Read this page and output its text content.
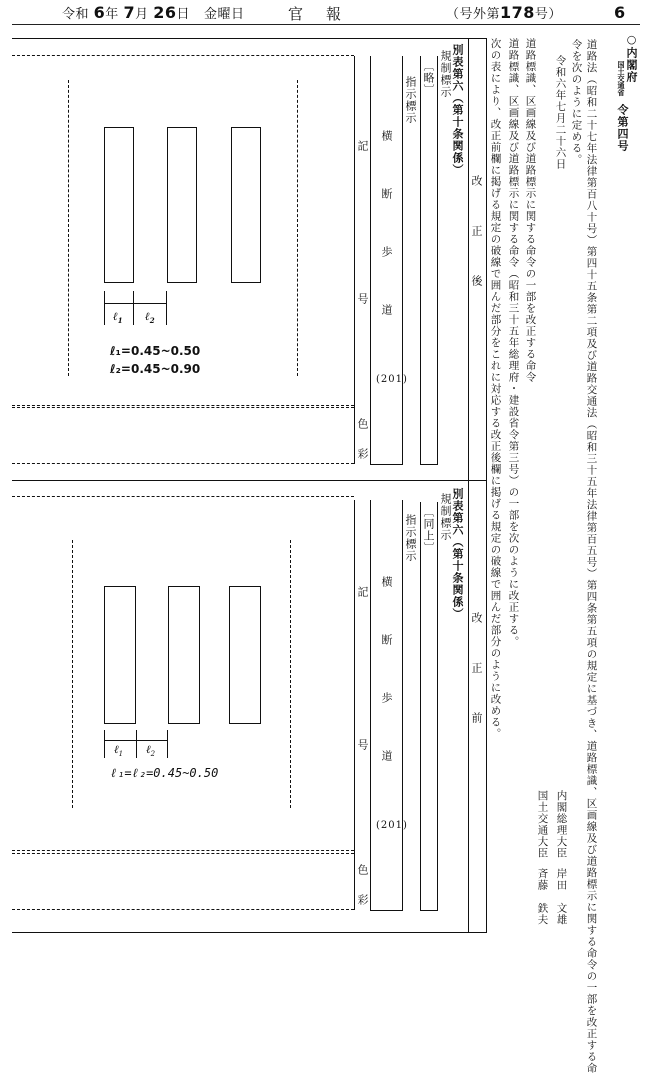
令和 6年 7月 26日 金曜日	官　報	（号外第178号）	6
○内閣府
国土交通省
令第四号
道路法（昭和二十七年法律第百八十号）第四十五条第二項及び道路交通法（昭和三十五年法律第百五号）第四条第五項の規定に基づき、道路標識、区画線及び道路標示に関する命令の一部を改正する命
令を次のように定める。
令和六年七月二十六日
内閣総理大臣
岸田　文雄
国土交通大臣
斉藤　鉄夫
道路標識、区画線及び道路標示に関する命令の一部を改正する命令
道路標識、区画線及び道路標示に関する命令（昭和三十五年総理府・建設省令第三号）の一部を次のように改正する。
次の表により、改正前欄に掲げる規定の破線で囲んだ部分をこれに対応する改正後欄に掲げる規定の破線で囲んだ部分のように改める。
改　正　後
改　正　前
別表第六（第十条関係）
規制標示
〔略〕
指示標示
横　断　歩　道
(201)
記　　号
色　彩
ℓ$_1$ ℓ$_2$
ℓ₁=0.45~0.50
ℓ₂=0.45~0.90
別表第六（第十条関係）
規制標示
〔同上〕
指示標示
横　断　歩　道
(201)
記　　号
色　彩
ℓ$_1$ ℓ$_2$
ℓ₁=ℓ₂=0.45~0.50
